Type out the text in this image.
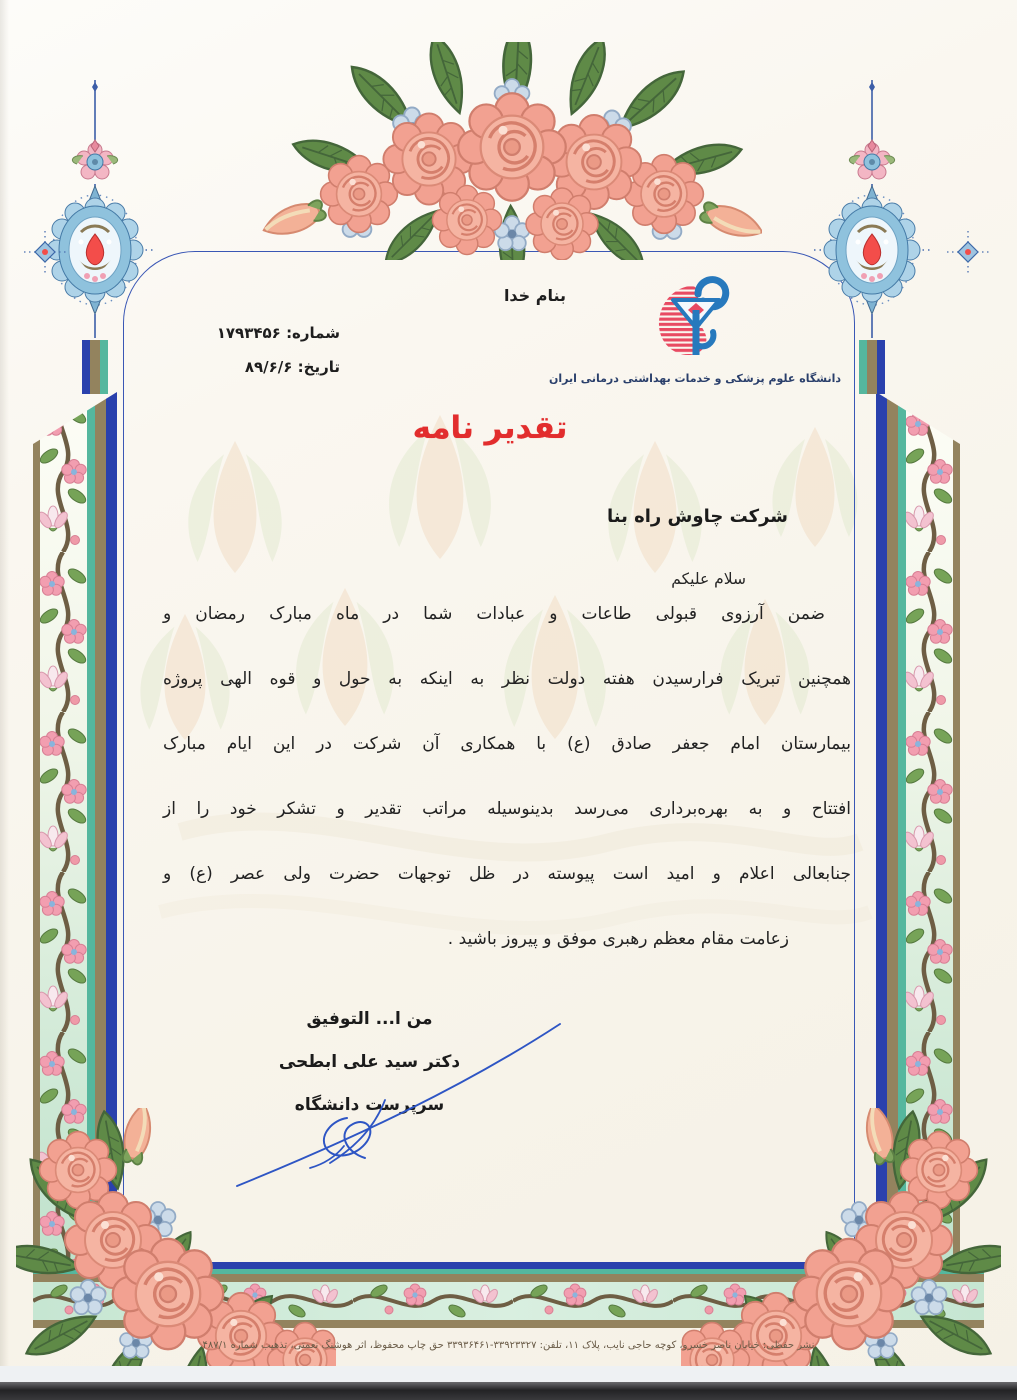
بنام خدا
دانشگاه علوم پزشکی و خدمات بهداشتی درمانی ایران
شماره: ۱۷۹۳۴۵۶
تاریخ: ۸۹/۶/۶
تقدیر نامه
شرکت چاوش راه بنا
سلام علیکم
ضمن آرزوی قبولی طاعات و عبادات شما در ماه مبارک رمضان و
همچنین تبریک فرارسیدن هفته دولت نظر به اینکه به حول و قوه الهی پروژه
بیمارستان امام جعفر صادق (ع) با همکاری آن شرکت در این ایام مبارک
افتتاح و به بهره‌برداری می‌رسد بدینوسیله مراتب تقدیر و تشکر خود را از
جنابعالی اعلام و امید است پیوسته در ظل توجهات حضرت ولی عصر (ع) و
زعامت مقام معظم رهبری موفق و پیروز باشید .
من ا... التوفیق
دکتر سید علی ابطحی
سرپرست دانشگاه
نشر حفظی: خیابان ناصر خسرو، کوچه حاجی نایب، پلاک ۱۱، تلفن: ۳۳۹۲۳۳۲۷-۳۳۹۳۶۴۶۱ حق چاپ محفوظ، اثر هوشنگ نعمتی، تذهیب شماره ۴۸۷/۱
